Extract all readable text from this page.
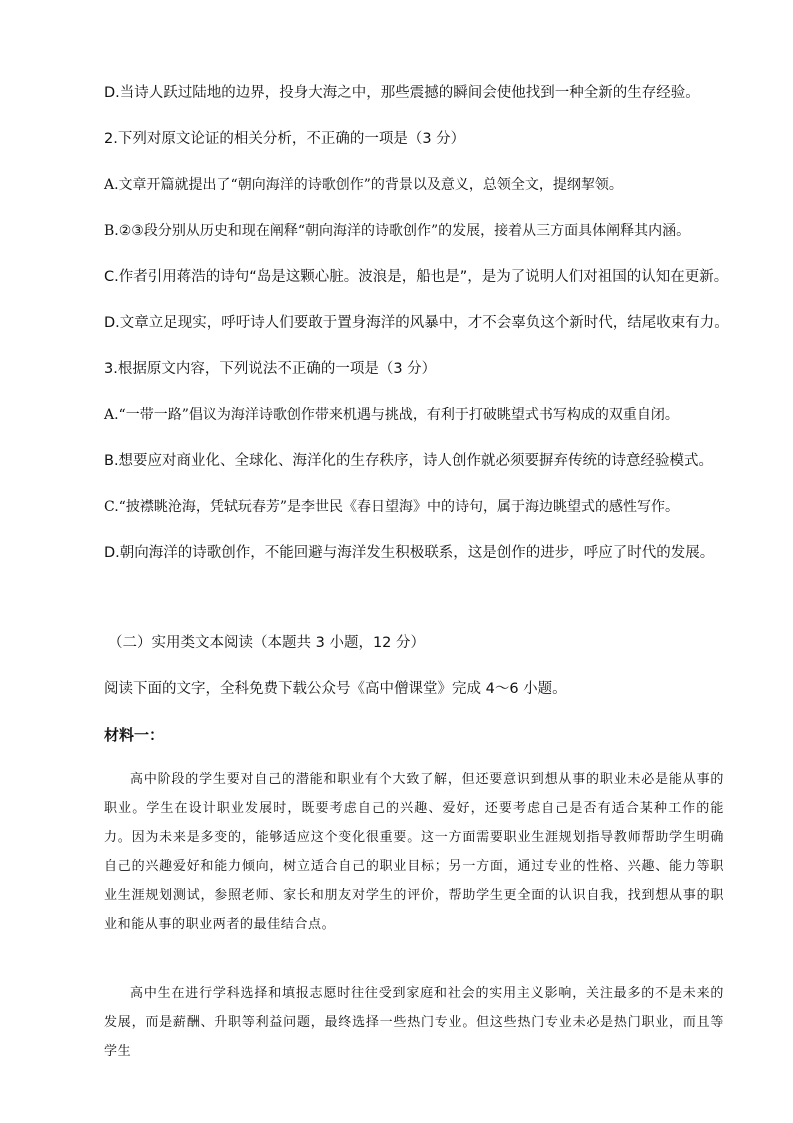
D.当诗人跃过陆地的边界，投身大海之中，那些震撼的瞬间会使他找到一种全新的生存经验。
2.下列对原文论证的相关分析，不正确的一项是（3 分）
A.文章开篇就提出了“朝向海洋的诗歌创作”的背景以及意义，总领全文，提纲挈领。
B.②③段分别从历史和现在阐释“朝向海洋的诗歌创作”的发展，接着从三方面具体阐释其内涵。
C.作者引用蒋浩的诗句“岛是这颗心脏。波浪是，船也是”，是为了说明人们对祖国的认知在更新。
D.文章立足现实，呼吁诗人们要敢于置身海洋的风暴中，才不会辜负这个新时代，结尾收束有力。
3.根据原文内容，下列说法不正确的一项是（3 分）
A.“一带一路”倡议为海洋诗歌创作带来机遇与挑战，有利于打破眺望式书写构成的双重自闭。
B.想要应对商业化、全球化、海洋化的生存秩序，诗人创作就必须要摒弃传统的诗意经验模式。
C.“披襟眺沧海，凭轼玩春芳”是李世民《春日望海》中的诗句，属于海边眺望式的感性写作。
D.朝向海洋的诗歌创作，不能回避与海洋发生积极联系，这是创作的进步，呼应了时代的发展。
（二）实用类文本阅读（本题共 3 小题，12 分）
阅读下面的文字，全科免费下载公众号《高中僧课堂》完成 4～6 小题。
材料一：
高中阶段的学生要对自己的潜能和职业有个大致了解，但还要意识到想从事的职业未必是能从事的职业。学生在设计职业发展时，既要考虑自己的兴趣、爱好，还要考虑自己是否有适合某种工作的能力。因为未来是多变的，能够适应这个变化很重要。这一方面需要职业生涯规划指导教师帮助学生明确自己的兴趣爱好和能力倾向，树立适合自己的职业目标；另一方面，通过专业的性格、兴趣、能力等职业生涯规划测试，参照老师、家长和朋友对学生的评价，帮助学生更全面的认识自我，找到想从事的职业和能从事的职业两者的最佳结合点。
高中生在进行学科选择和填报志愿时往往受到家庭和社会的实用主义影响，关注最多的不是未来的发展，而是薪酬、升职等利益问题，最终选择一些热门专业。但这些热门专业未必是热门职业，而且等学生
